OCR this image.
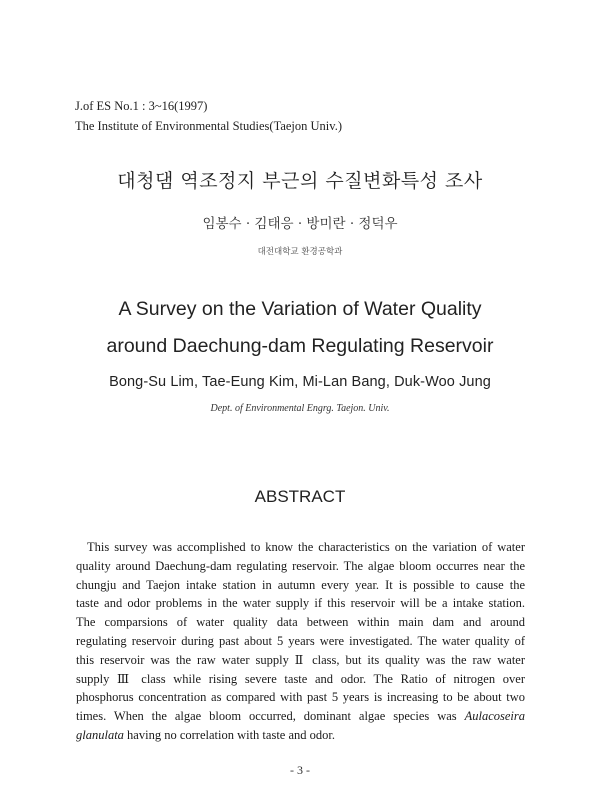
J.of ES No.1 : 3~16(1997)
The Institute of Environmental Studies(Taejon Univ.)
대청댐 역조정지 부근의 수질변화특성 조사
임봉수 · 김태응 · 방미란 · 정덕우
대전대학교 환경공학과
A Survey on the Variation of Water Quality
around Daechung-dam Regulating Reservoir
Bong-Su Lim, Tae-Eung Kim, Mi-Lan Bang, Duk-Woo Jung
Dept. of Environmental Engrg. Taejon. Univ.
ABSTRACT
This survey was accomplished to know the characteristics on the variation of water
quality around Daechung-dam regulating reservoir. The algae bloom occurres near the
chungju and Taejon intake station in autumn every year. It is possible to cause the
taste and odor problems in the water supply if this reservoir will be a intake station.
The comparsions of water quality data between within main dam and around
regulating reservoir during past about 5 years were investigated. The water quality of
this reservoir was the raw water supply Ⅱ class, but its quality was the raw water
supply Ⅲ class while rising severe taste and odor. The Ratio of nitrogen over
phosphorus concentration as compared with past 5 years is increasing to be about two
times. When the algae bloom occurred, dominant algae species was Aulacoseira
glanulata having no correlation with taste and odor.
- 3 -
